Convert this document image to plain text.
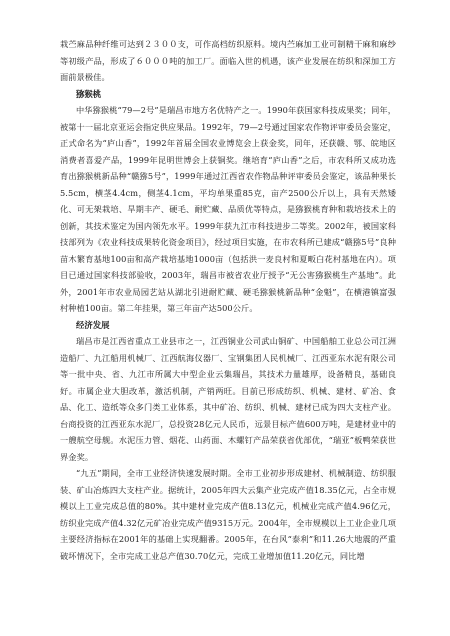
栽苎麻品种纤维可达到２３００支，可作高档纺织原料。境内苎麻加工业可制精干麻和麻纱等初级产品，形成了６０００吨的加工厂。面临入世的机遇，该产业发展在纺织和深加工方面前景极佳。

猕猴桃

中华猕猴桃“79—2号”是瑞昌市地方名优特产之一。1990年获国家科技成果奖；同年，被第十一届北京亚运会指定供应果品。1992年，79—2号通过国家农作物评审委员会鉴定，正式命名为“庐山香”，1992年首届全国农业博览会上获金奖，同年，还获赣、鄂、皖地区消费者喜爱产品，1999年昆明世博会上获铜奖。继培育“庐山香”之后，市农科所又成功选育出猕猴桃新品种“赣猕5号”，1999年通过江西省农作物品种评审委员会鉴定，该品种果长5.5cm，横茎4.4cm，侧茎4.1cm，平均单果重85克，亩产2500公斤以上，具有天然矮化、可无架栽培、旱期丰产、硬毛、耐贮藏、品质优等特点，是猕猴桃育种和栽培技术上的创新，其技术鉴定为国内领先水平。1999年获九江市科技进步二等奖。2002年，被国家科技部列为《农业科技成果转化资金项目》，经过项目实施，在市农科所已建成“赣猕5号”良种苗木繁育基地100亩和高产栽培基地1000亩（包括洪一麦良村和夏畈白花村基地在内）。项目已通过国家科技部验收，2003年，瑞昌市被省农业厅授予“无公害猕猴桃生产基地”。此外，2001年市农业局园艺站从湖北引进耐贮藏、硬毛猕猴桃新品种“金魁”，在横港镇富强村种植100亩。第二年挂果，第三年亩产达500公斤。

经济发展

瑞昌市是江西省重点工业县市之一，江西铜业公司武山铜矿、中国船舶工业总公司江洲造船厂、九江船用机械厂、江西航海仪器厂、宝钢集团人民机械厂、江西亚东水泥有限公司等一批中央、省、九江市所属大中型企业云集瑞昌，其技术力量雄厚，设备精良，基础良好。市属企业大胆改革，激活机制，产销两旺。目前已形成纺织、机械、建材、矿冶、食品、化工、造纸等众多门类工业体系，其中矿冶、纺织、机械、建材已成为四大支柱产业。台商投资的江西亚东水泥厂，总投资28亿元人民币，远景目标产值600万吨，是建材业中的一艘航空母舰。水泥压力管、烟花、山药面、木螺钉产品荣获省优部优，“瑞亚”板鸭荣获世界金奖。

“九五”期间，全市工业经济快速发展时期。全市工业初步形成建材、机械制造、纺织服装、矿山冶炼四大支柱产业。据统计，2005年四大云集产业完成产值18.35亿元，占全市规模以上工业完成总值的80%。其中建材业完成产值8.13亿元，机械业完成产值4.96亿元，纺织业完成产值4.32亿元矿冶业完成产值9315万元。2004年，全市规模以上工业企业几项主要经济指标在2001年的基础上实现翻番。2005年，在台风“泰利”和11.26大地震的严重破坏情况下，全市完成工业总产值30.70亿元，完成工业增加值11.20亿元，同比增
